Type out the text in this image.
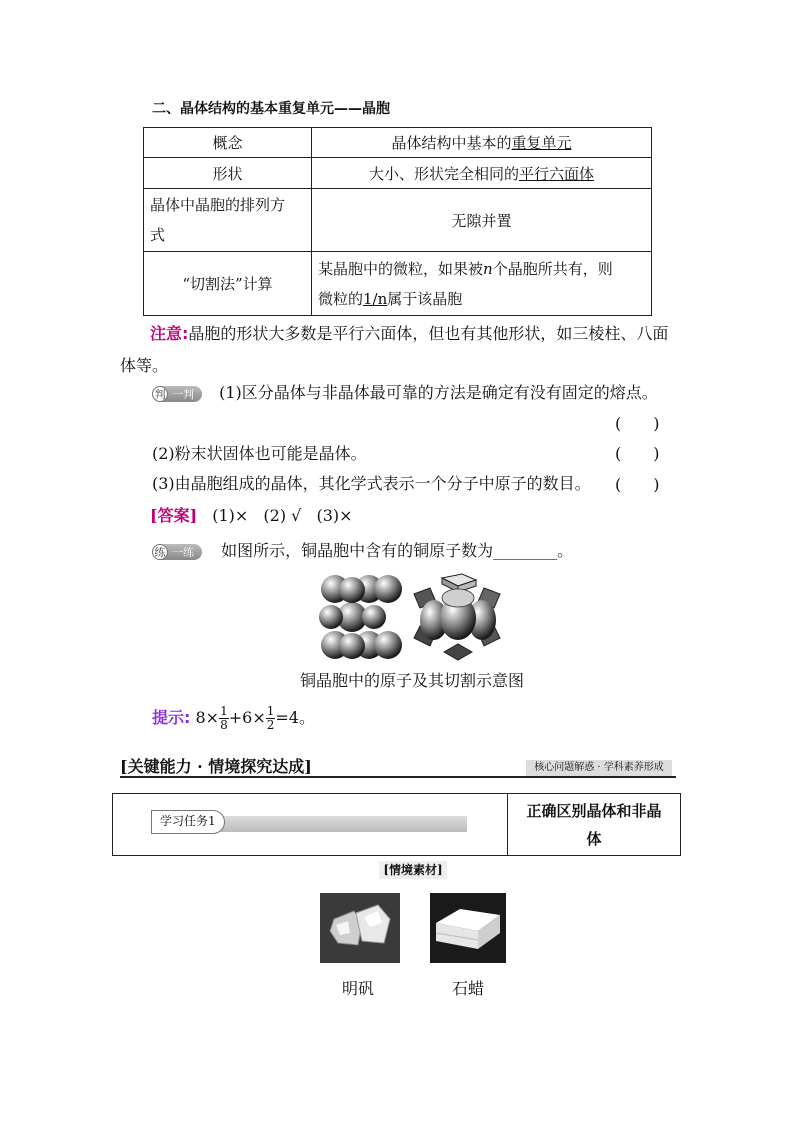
二、晶体结构的基本重复单元——晶胞
概念	晶体结构中基本的重复单元
形状	大小、形状完全相同的平行六面体
晶体中晶胞的排列方
式	无隙并置
“切割法”计算	某晶胞中的微粒，如果被n个晶胞所共有，则
微粒的1/n属于该晶胞
注意:晶胞的形状大多数是平行六面体，但也有其他形状，如三棱柱、八面
体等。
判 一判 (1)区分晶体与非晶体最可靠的方法是确定有没有固定的熔点。
(　　)
(2)粉末状固体也可能是晶体。	(　　)
(3)由晶胞组成的晶体，其化学式表示一个分子中原子的数目。 (　　)
[答案] (1)× (2) √ (3)×
练 一练 如图所示，铜晶胞中含有的铜原子数为________。
铜晶胞中的原子及其切割示意图
提示: $8\times \frac{1}{8} +6\times \frac{1}{2} =4$。
[关键能力 · 情境探究达成]	核心问题解惑 · 学科素养形成
学习任务1
正确区别晶体和非晶
体
[情境素材]
明矾	石蜡
